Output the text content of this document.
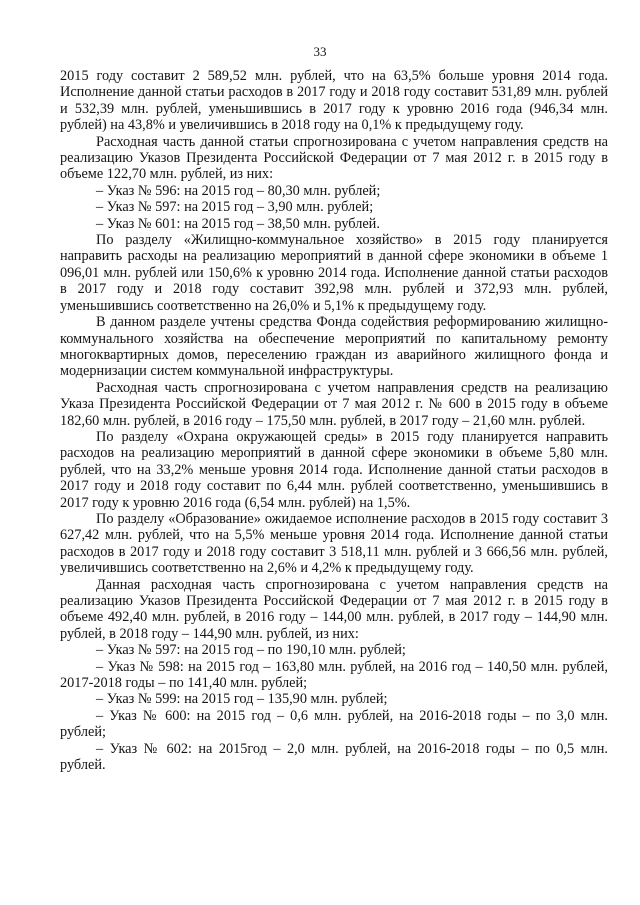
33

2015 году составит 2 589,52 млн. рублей, что на 63,5% больше уровня 2014 года. Исполнение данной статьи расходов в 2017 году и 2018 году составит 531,89 млн. рублей и 532,39 млн. рублей, уменьшившись в 2017 году к уровню 2016 года (946,34 млн. рублей) на 43,8% и увеличившись в 2018 году на 0,1% к предыдущему году.

Расходная часть данной статьи спрогнозирована с учетом направления средств на реализацию Указов Президента Российской Федерации от 7 мая 2012 г. в 2015 году в объеме 122,70 млн. рублей, из них:

– Указ № 596: на 2015 год – 80,30 млн. рублей;

– Указ № 597: на 2015 год – 3,90 млн. рублей;

– Указ № 601: на 2015 год – 38,50 млн. рублей.

По разделу «Жилищно-коммунальное хозяйство» в 2015 году планируется направить расходы на реализацию мероприятий в данной сфере экономики в объеме 1 096,01 млн. рублей или 150,6% к уровню 2014 года. Исполнение данной статьи расходов в 2017 году и 2018 году составит 392,98 млн. рублей и 372,93 млн. рублей, уменьшившись соответственно на 26,0% и 5,1% к предыдущему году.

В данном разделе учтены средства Фонда содействия реформированию жилищно-коммунального хозяйства на обеспечение мероприятий по капитальному ремонту многоквартирных домов, переселению граждан из аварийного жилищного фонда и модернизации систем коммунальной инфраструктуры.

Расходная часть спрогнозирована с учетом направления средств на реализацию Указа Президента Российской Федерации от 7 мая 2012 г. № 600 в 2015 году в объеме 182,60 млн. рублей, в 2016 году – 175,50 млн. рублей, в 2017 году – 21,60 млн. рублей.

По разделу «Охрана окружающей среды» в 2015 году планируется направить расходов на реализацию мероприятий в данной сфере экономики в объеме 5,80 млн. рублей, что на 33,2% меньше уровня 2014 года. Исполнение данной статьи расходов в 2017 году и 2018 году составит по 6,44 млн. рублей соответственно, уменьшившись в 2017 году к уровню 2016 года (6,54 млн. рублей) на 1,5%.

По разделу «Образование» ожидаемое исполнение расходов в 2015 году составит 3 627,42 млн. рублей, что на 5,5% меньше уровня 2014 года. Исполнение данной статьи расходов в 2017 году и 2018 году составит 3 518,11 млн. рублей и 3 666,56 млн. рублей, увеличившись соответственно на 2,6% и 4,2% к предыдущему году.

Данная расходная часть спрогнозирована с учетом направления средств на реализацию Указов Президента Российской Федерации от 7 мая 2012 г. в 2015 году в объеме 492,40 млн. рублей, в 2016 году – 144,00 млн. рублей, в 2017 году – 144,90 млн. рублей, в 2018 году – 144,90 млн. рублей, из них:

– Указ № 597: на 2015 год – по 190,10 млн. рублей;

– Указ № 598: на 2015 год – 163,80 млн. рублей, на 2016 год – 140,50 млн. рублей, 2017-2018 годы – по 141,40 млн. рублей;

– Указ № 599: на 2015 год – 135,90 млн. рублей;

– Указ № 600: на 2015 год – 0,6 млн. рублей, на 2016-2018 годы – по 3,0 млн. рублей;

– Указ № 602: на 2015год – 2,0 млн. рублей, на 2016-2018 годы – по 0,5 млн. рублей.
